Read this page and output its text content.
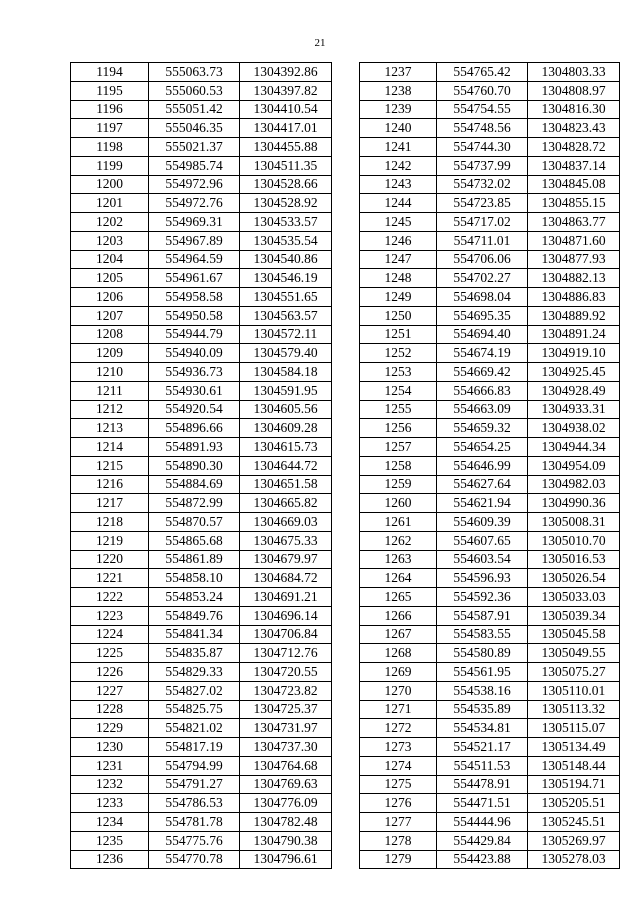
21
1194	555063.73	1304392.86
1195	555060.53	1304397.82
1196	555051.42	1304410.54
1197	555046.35	1304417.01
1198	555021.37	1304455.88
1199	554985.74	1304511.35
1200	554972.96	1304528.66
1201	554972.76	1304528.92
1202	554969.31	1304533.57
1203	554967.89	1304535.54
1204	554964.59	1304540.86
1205	554961.67	1304546.19
1206	554958.58	1304551.65
1207	554950.58	1304563.57
1208	554944.79	1304572.11
1209	554940.09	1304579.40
1210	554936.73	1304584.18
1211	554930.61	1304591.95
1212	554920.54	1304605.56
1213	554896.66	1304609.28
1214	554891.93	1304615.73
1215	554890.30	1304644.72
1216	554884.69	1304651.58
1217	554872.99	1304665.82
1218	554870.57	1304669.03
1219	554865.68	1304675.33
1220	554861.89	1304679.97
1221	554858.10	1304684.72
1222	554853.24	1304691.21
1223	554849.76	1304696.14
1224	554841.34	1304706.84
1225	554835.87	1304712.76
1226	554829.33	1304720.55
1227	554827.02	1304723.82
1228	554825.75	1304725.37
1229	554821.02	1304731.97
1230	554817.19	1304737.30
1231	554794.99	1304764.68
1232	554791.27	1304769.63
1233	554786.53	1304776.09
1234	554781.78	1304782.48
1235	554775.76	1304790.38
1236	554770.78	1304796.61
1237	554765.42	1304803.33
1238	554760.70	1304808.97
1239	554754.55	1304816.30
1240	554748.56	1304823.43
1241	554744.30	1304828.72
1242	554737.99	1304837.14
1243	554732.02	1304845.08
1244	554723.85	1304855.15
1245	554717.02	1304863.77
1246	554711.01	1304871.60
1247	554706.06	1304877.93
1248	554702.27	1304882.13
1249	554698.04	1304886.83
1250	554695.35	1304889.92
1251	554694.40	1304891.24
1252	554674.19	1304919.10
1253	554669.42	1304925.45
1254	554666.83	1304928.49
1255	554663.09	1304933.31
1256	554659.32	1304938.02
1257	554654.25	1304944.34
1258	554646.99	1304954.09
1259	554627.64	1304982.03
1260	554621.94	1304990.36
1261	554609.39	1305008.31
1262	554607.65	1305010.70
1263	554603.54	1305016.53
1264	554596.93	1305026.54
1265	554592.36	1305033.03
1266	554587.91	1305039.34
1267	554583.55	1305045.58
1268	554580.89	1305049.55
1269	554561.95	1305075.27
1270	554538.16	1305110.01
1271	554535.89	1305113.32
1272	554534.81	1305115.07
1273	554521.17	1305134.49
1274	554511.53	1305148.44
1275	554478.91	1305194.71
1276	554471.51	1305205.51
1277	554444.96	1305245.51
1278	554429.84	1305269.97
1279	554423.88	1305278.03
